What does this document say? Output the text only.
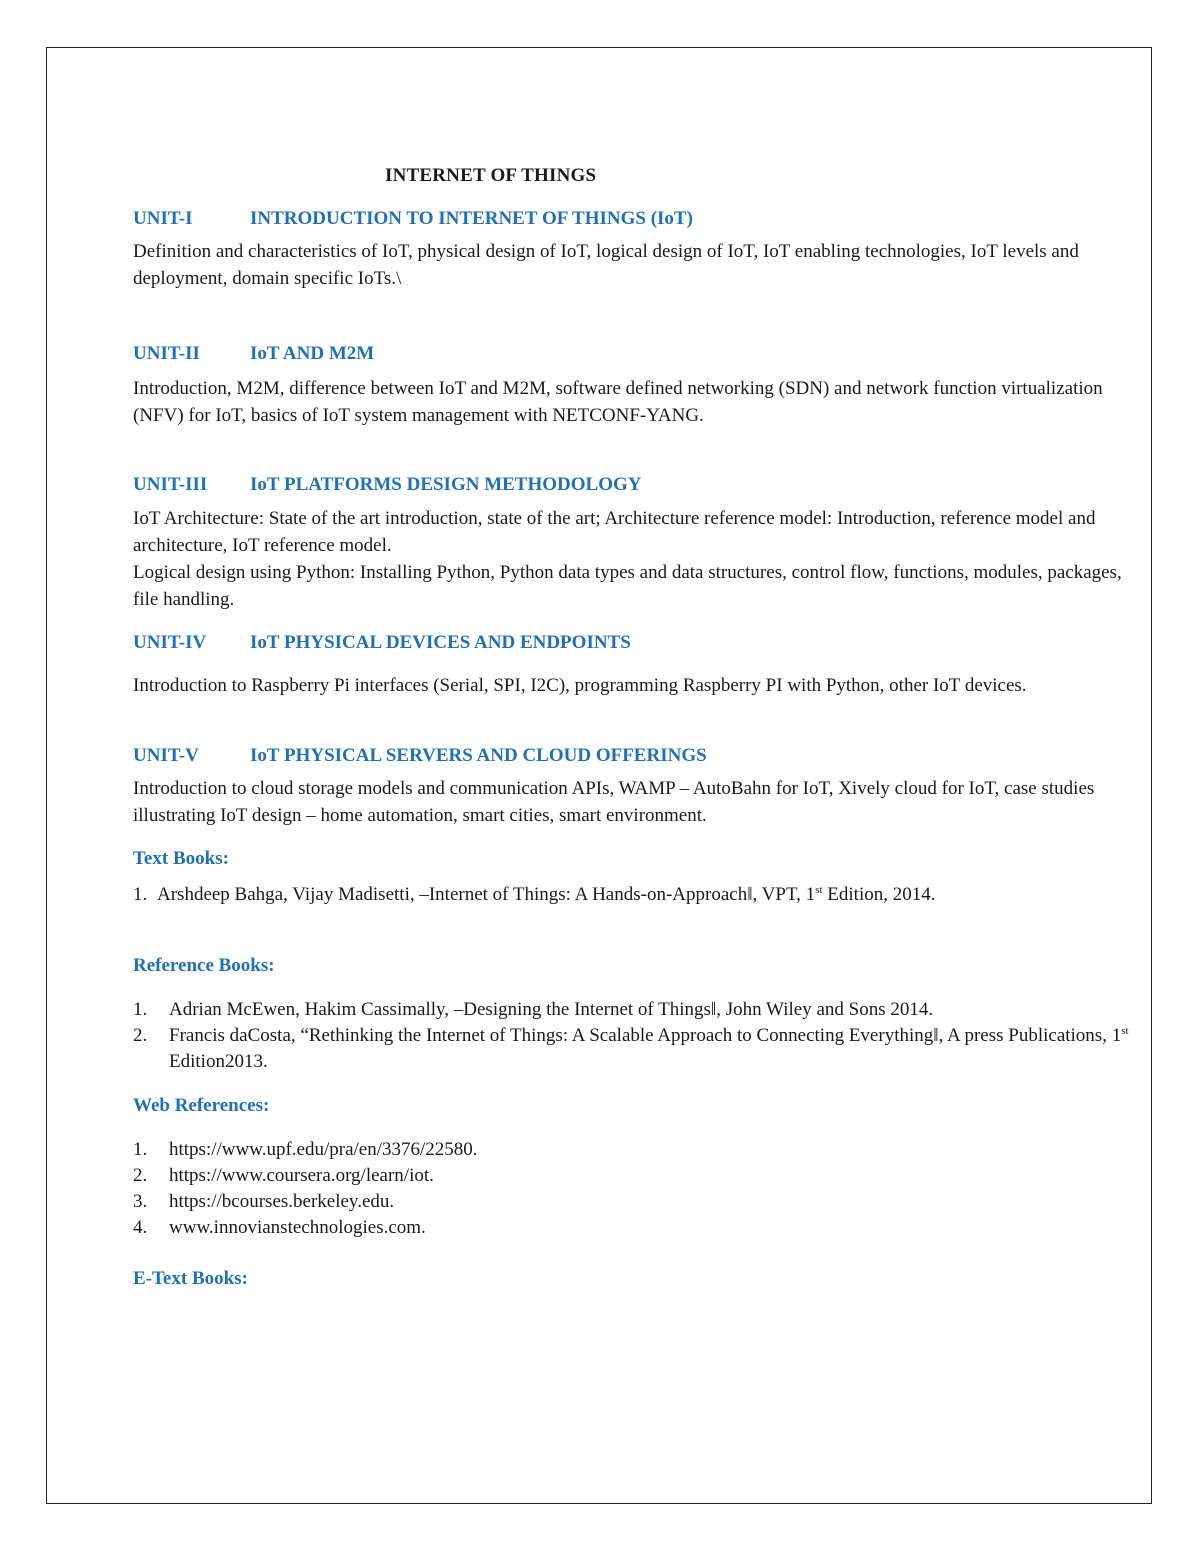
INTERNET OF THINGS
UNIT-I	INTRODUCTION TO INTERNET OF THINGS (IoT)

Definition and characteristics of IoT, physical design of IoT, logical design of IoT, IoT enabling technologies, IoT levels and deployment, domain specific IoTs.\

UNIT-II	IoT AND M2M

Introduction, M2M, difference between IoT and M2M, software defined networking (SDN) and network function virtualization (NFV) for IoT, basics of IoT system management with NETCONF-YANG.

UNIT-III IoT PLATFORMS DESIGN METHODOLOGY

IoT Architecture: State of the art introduction, state of the art; Architecture reference model: Introduction, reference model and architecture, IoT reference model.

Logical design using Python: Installing Python, Python data types and data structures, control flow, functions, modules, packages, file handling.

UNIT-IV IoT PHYSICAL DEVICES AND ENDPOINTS

Introduction to Raspberry Pi interfaces (Serial, SPI, I2C), programming Raspberry PI with Python, other IoT devices.

UNIT-V	IoT PHYSICAL SERVERS AND CLOUD OFFERINGS

Introduction to cloud storage models and communication APIs, WAMP – AutoBahn for IoT, Xively cloud for IoT, case studies illustrating IoT design – home automation, smart cities, smart environment.

Text Books:
1. Arshdeep Bahga, Vijay Madisetti, –Internet of Things: A Hands-on-Approach‖, VPT, 1st Edition, 2014.
Reference Books:
1.	Adrian McEwen, Hakim Cassimally, –Designing the Internet of Things‖, John Wiley and Sons 2014.
2.	Francis daCosta, “Rethinking the Internet of Things: A Scalable Approach to Connecting Everything‖, A press Publications, 1st Edition2013.
Web References:
1.	https://www.upf.edu/pra/en/3376/22580.
2.	https://www.coursera.org/learn/iot.
3.	https://bcourses.berkeley.edu.
4.	www.innovianstechnologies.com.
E-Text Books:
